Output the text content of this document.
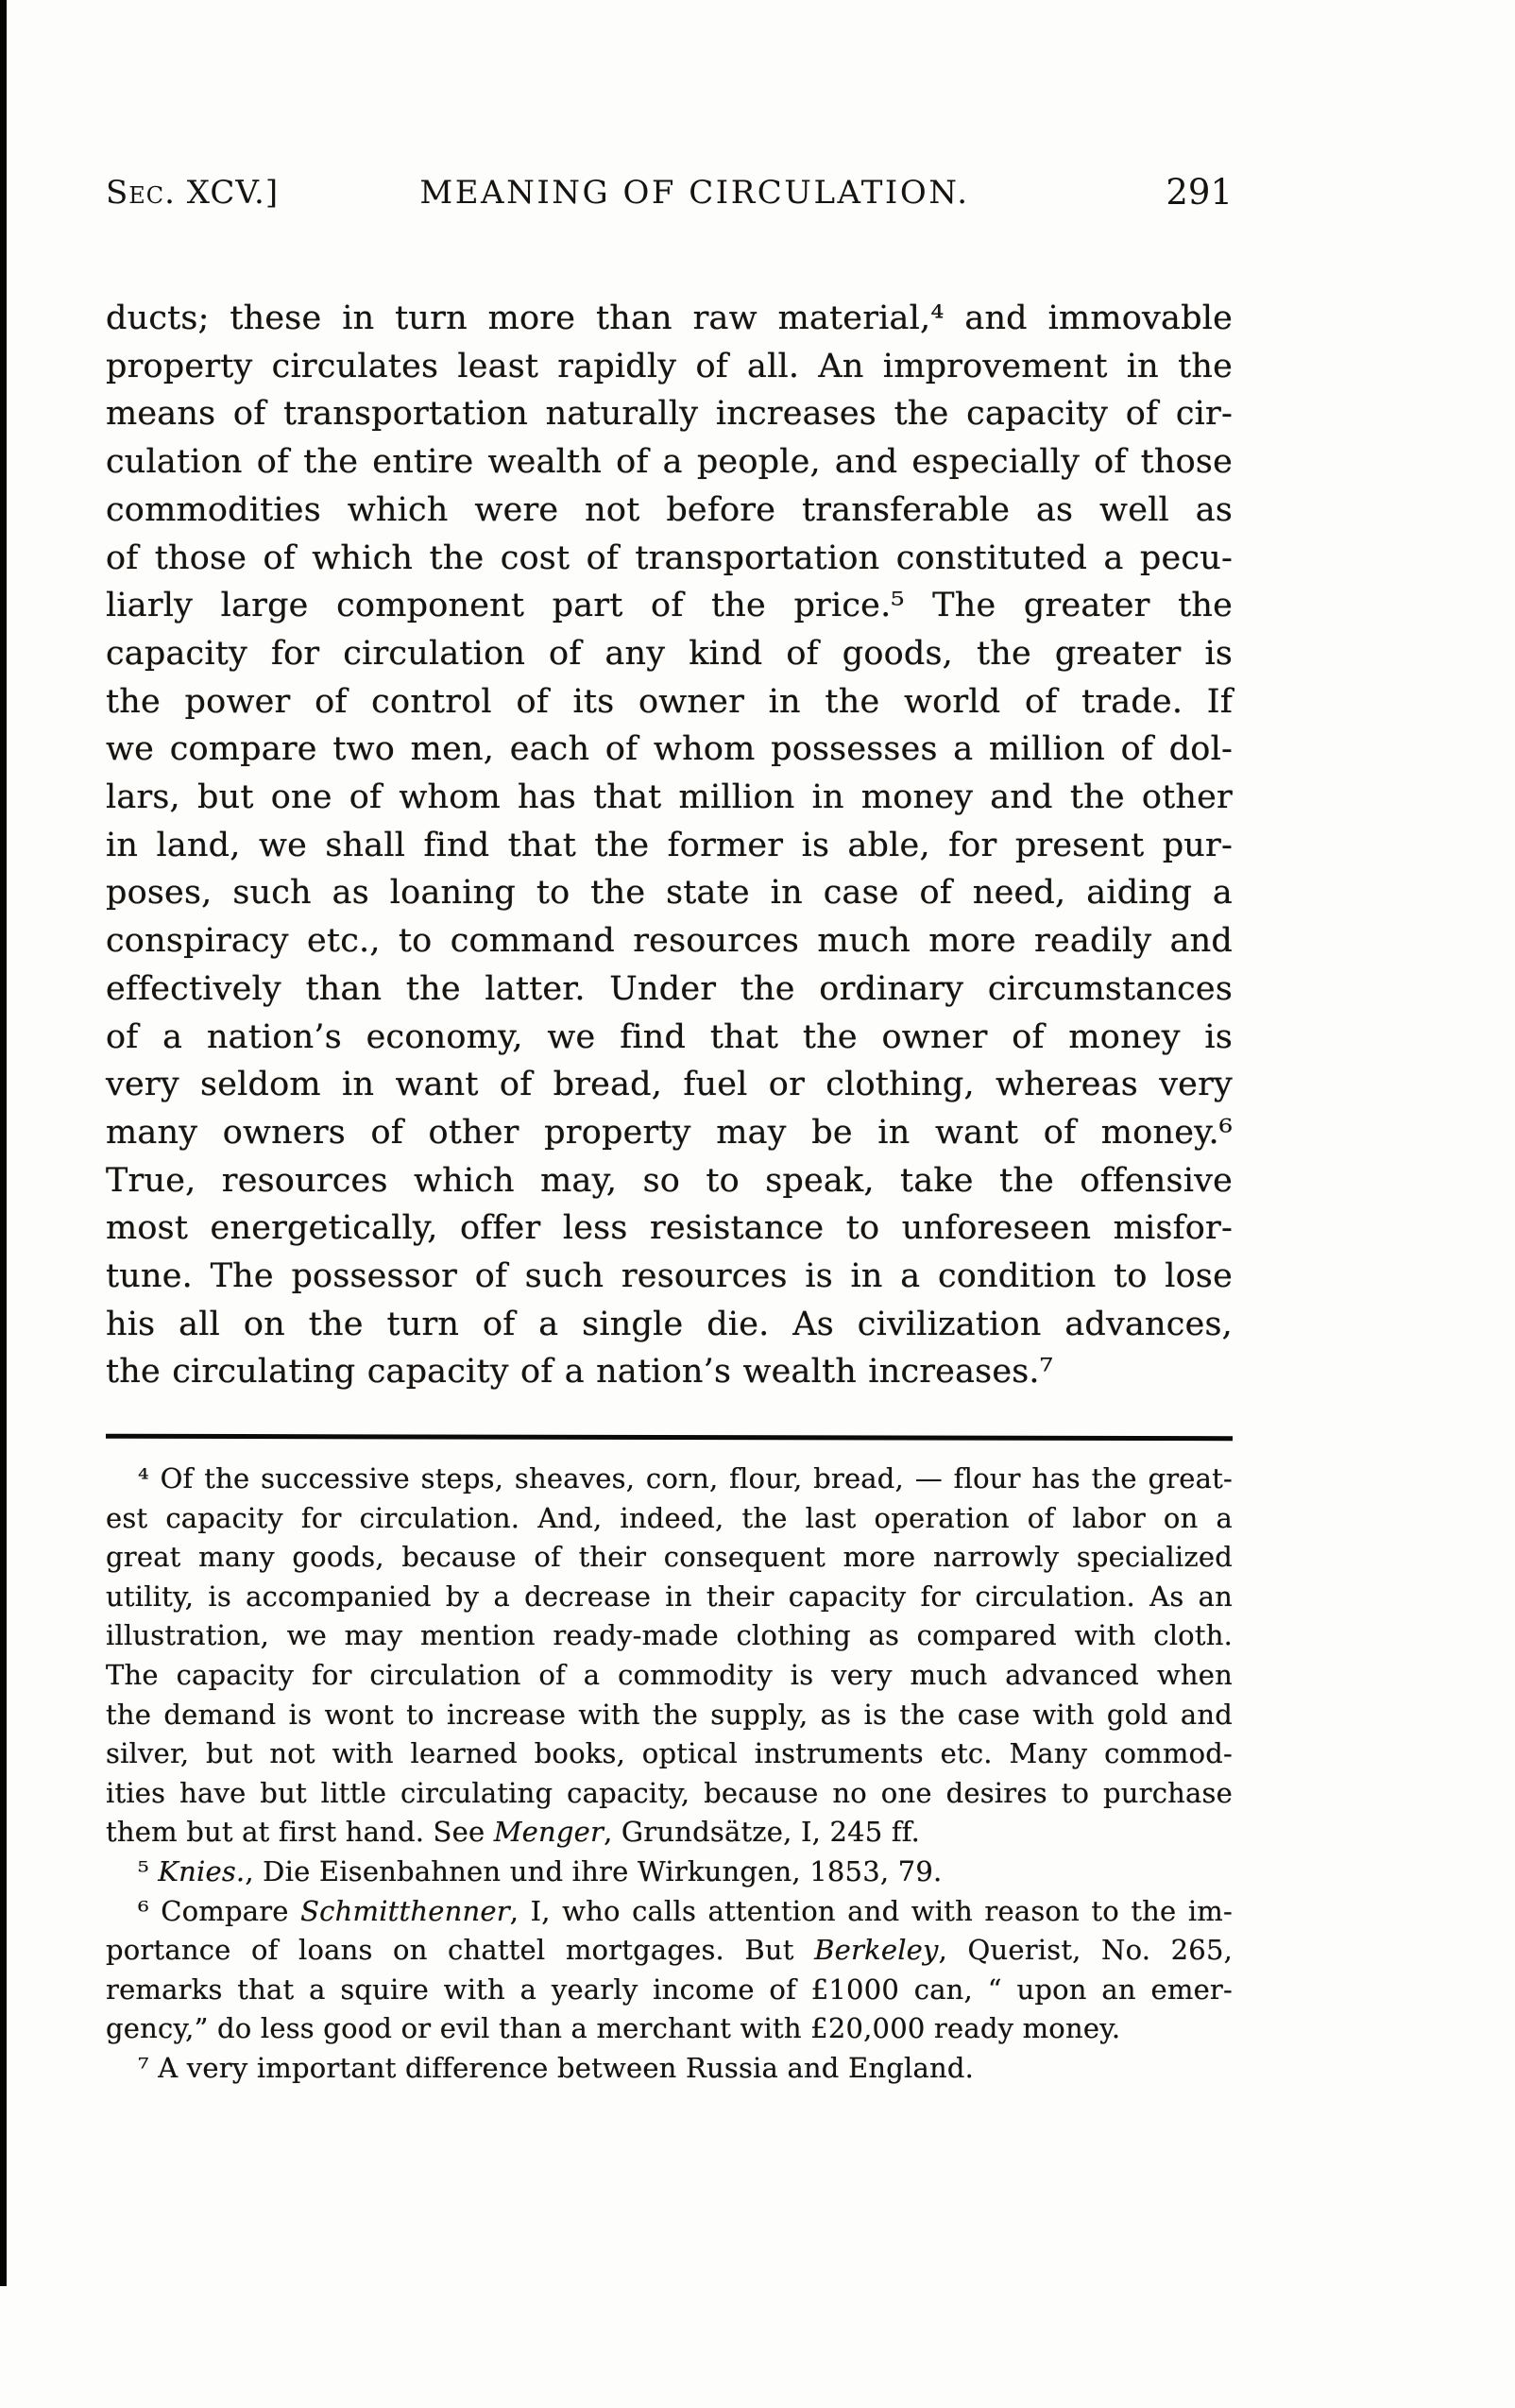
Sec. XCV.]	MEANING OF CIRCULATION.	291
ducts; these in turn more than raw material,⁴ and immovable
property circulates least rapidly of all. An improvement in the
means of transportation naturally increases the capacity of cir-
culation of the entire wealth of a people, and especially of those
commodities which were not before transferable as well as
of those of which the cost of transportation constituted a pecu-
liarly large component part of the price.⁵ The greater the
capacity for circulation of any kind of goods, the greater is
the power of control of its owner in the world of trade. If
we compare two men, each of whom possesses a million of dol-
lars, but one of whom has that million in money and the other
in land, we shall find that the former is able, for present pur-
poses, such as loaning to the state in case of need, aiding a
conspiracy etc., to command resources much more readily and
effectively than the latter. Under the ordinary circumstances
of a nation’s economy, we find that the owner of money is
very seldom in want of bread, fuel or clothing, whereas very
many owners of other property may be in want of money.⁶
True, resources which may, so to speak, take the offensive
most energetically, offer less resistance to unforeseen misfor-
tune. The possessor of such resources is in a condition to lose
his all on the turn of a single die. As civilization advances,
the circulating capacity of a nation’s wealth increases.⁷
⁴ Of the successive steps, sheaves, corn, flour, bread, — flour has the great-
est capacity for circulation. And, indeed, the last operation of labor on a
great many goods, because of their consequent more narrowly specialized
utility, is accompanied by a decrease in their capacity for circulation. As an
illustration, we may mention ready-made clothing as compared with cloth.
The capacity for circulation of a commodity is very much advanced when
the demand is wont to increase with the supply, as is the case with gold and
silver, but not with learned books, optical instruments etc. Many commod-
ities have but little circulating capacity, because no one desires to purchase
them but at first hand. See Menger, Grundsätze, I, 245 ff.
⁵ Knies., Die Eisenbahnen und ihre Wirkungen, 1853, 79.
⁶ Compare Schmitthenner, I, who calls attention and with reason to the im-
portance of loans on chattel mortgages. But Berkeley, Querist, No. 265,
remarks that a squire with a yearly income of £1000 can, “ upon an emer-
gency,” do less good or evil than a merchant with £20,000 ready money.
⁷ A very important difference between Russia and England.
